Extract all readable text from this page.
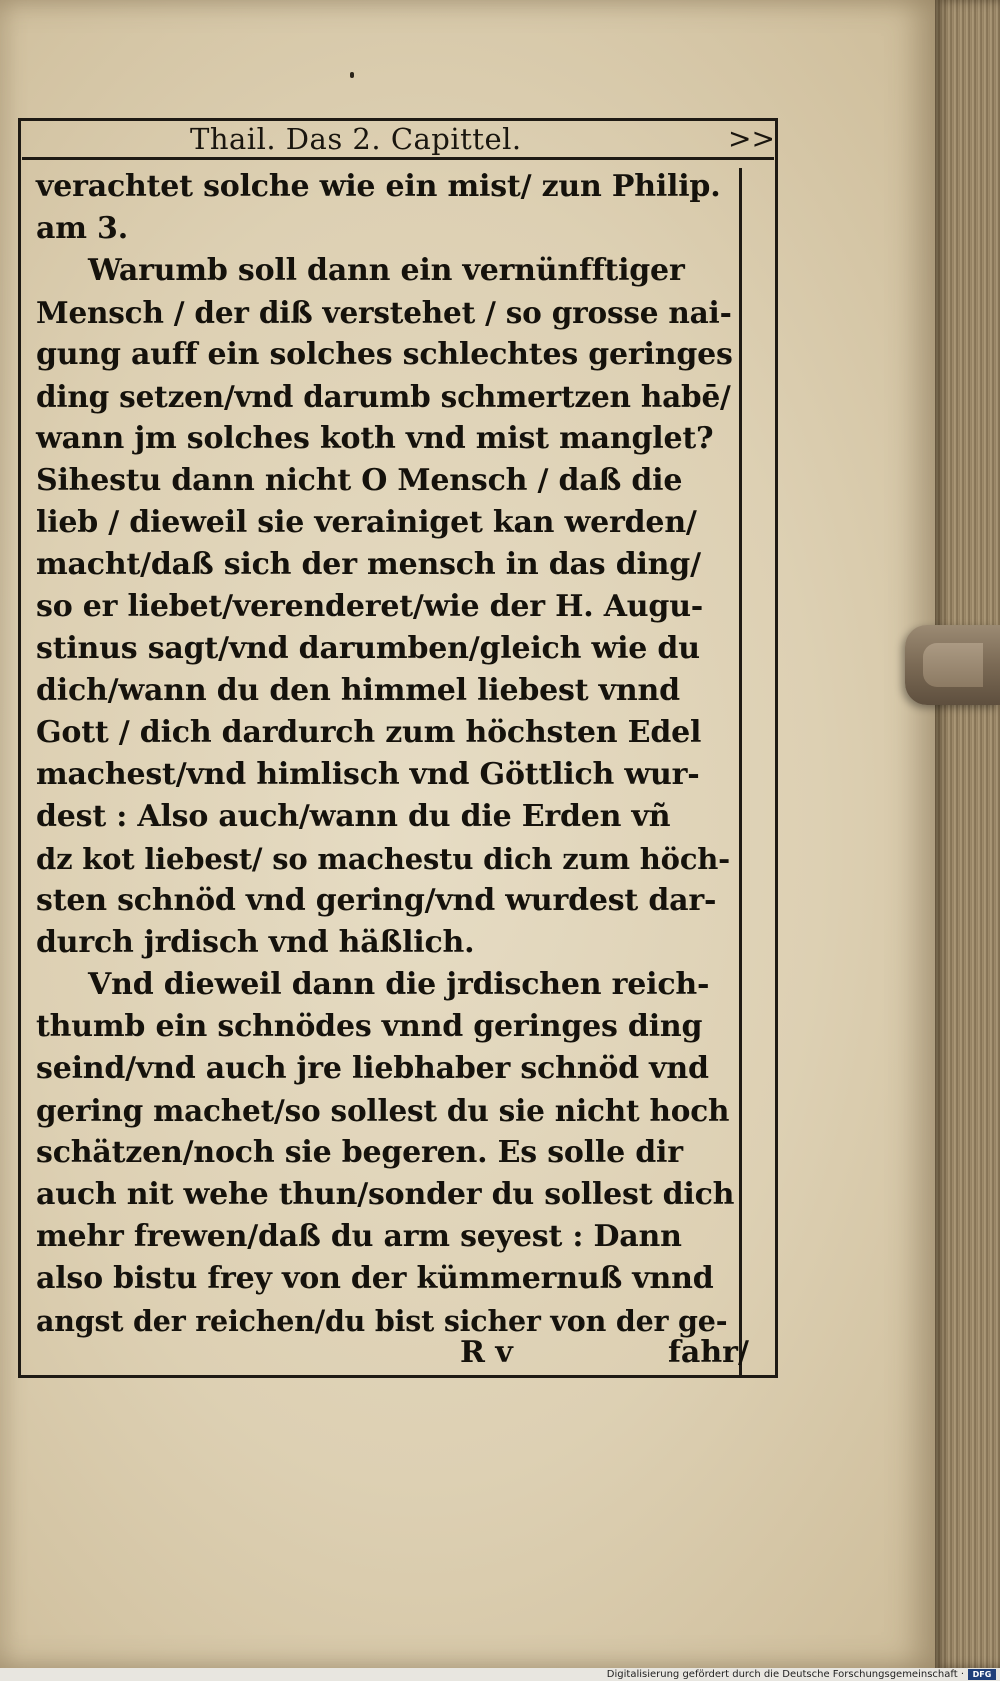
Thail. Das 2. Capittel.	>>
verachtet solche wie ein mist/ zun Philip.
am 3.
Warumb soll dann ein vernünfftiger
Mensch / der diß verstehet / so grosse nai-
gung auff ein solches schlechtes geringes
ding setzen/vnd darumb schmertzen habē/
wann jm solches koth vnd mist manglet?
Sihestu dann nicht O Mensch / daß die
lieb / dieweil sie verainiget kan werden/
macht/daß sich der mensch in das ding/
so er liebet/verenderet/wie der H. Augu-
stinus sagt/vnd darumben/gleich wie du
dich/wann du den himmel liebest vnnd
Gott / dich dardurch zum höchsten Edel
machest/vnd himlisch vnd Göttlich wur-
dest : Also auch/wann du die Erden vñ
dz kot liebest/ so machestu dich zum höch-
sten schnöd vnd gering/vnd wurdest dar-
durch jrdisch vnd häßlich.
Vnd dieweil dann die jrdischen reich-
thumb ein schnödes vnnd geringes ding
seind/vnd auch jre liebhaber schnöd vnd
gering machet/so sollest du sie nicht hoch
schätzen/noch sie begeren. Es solle dir
auch nit wehe thun/sonder du sollest dich
mehr frewen/daß du arm seyest : Dann
also bistu frey von der kümmernuß vnnd
angst der reichen/du bist sicher von der ge-
R v	fahr/
Digitalisierung gefördert durch die Deutsche Forschungsgemeinschaft ·	DFG
